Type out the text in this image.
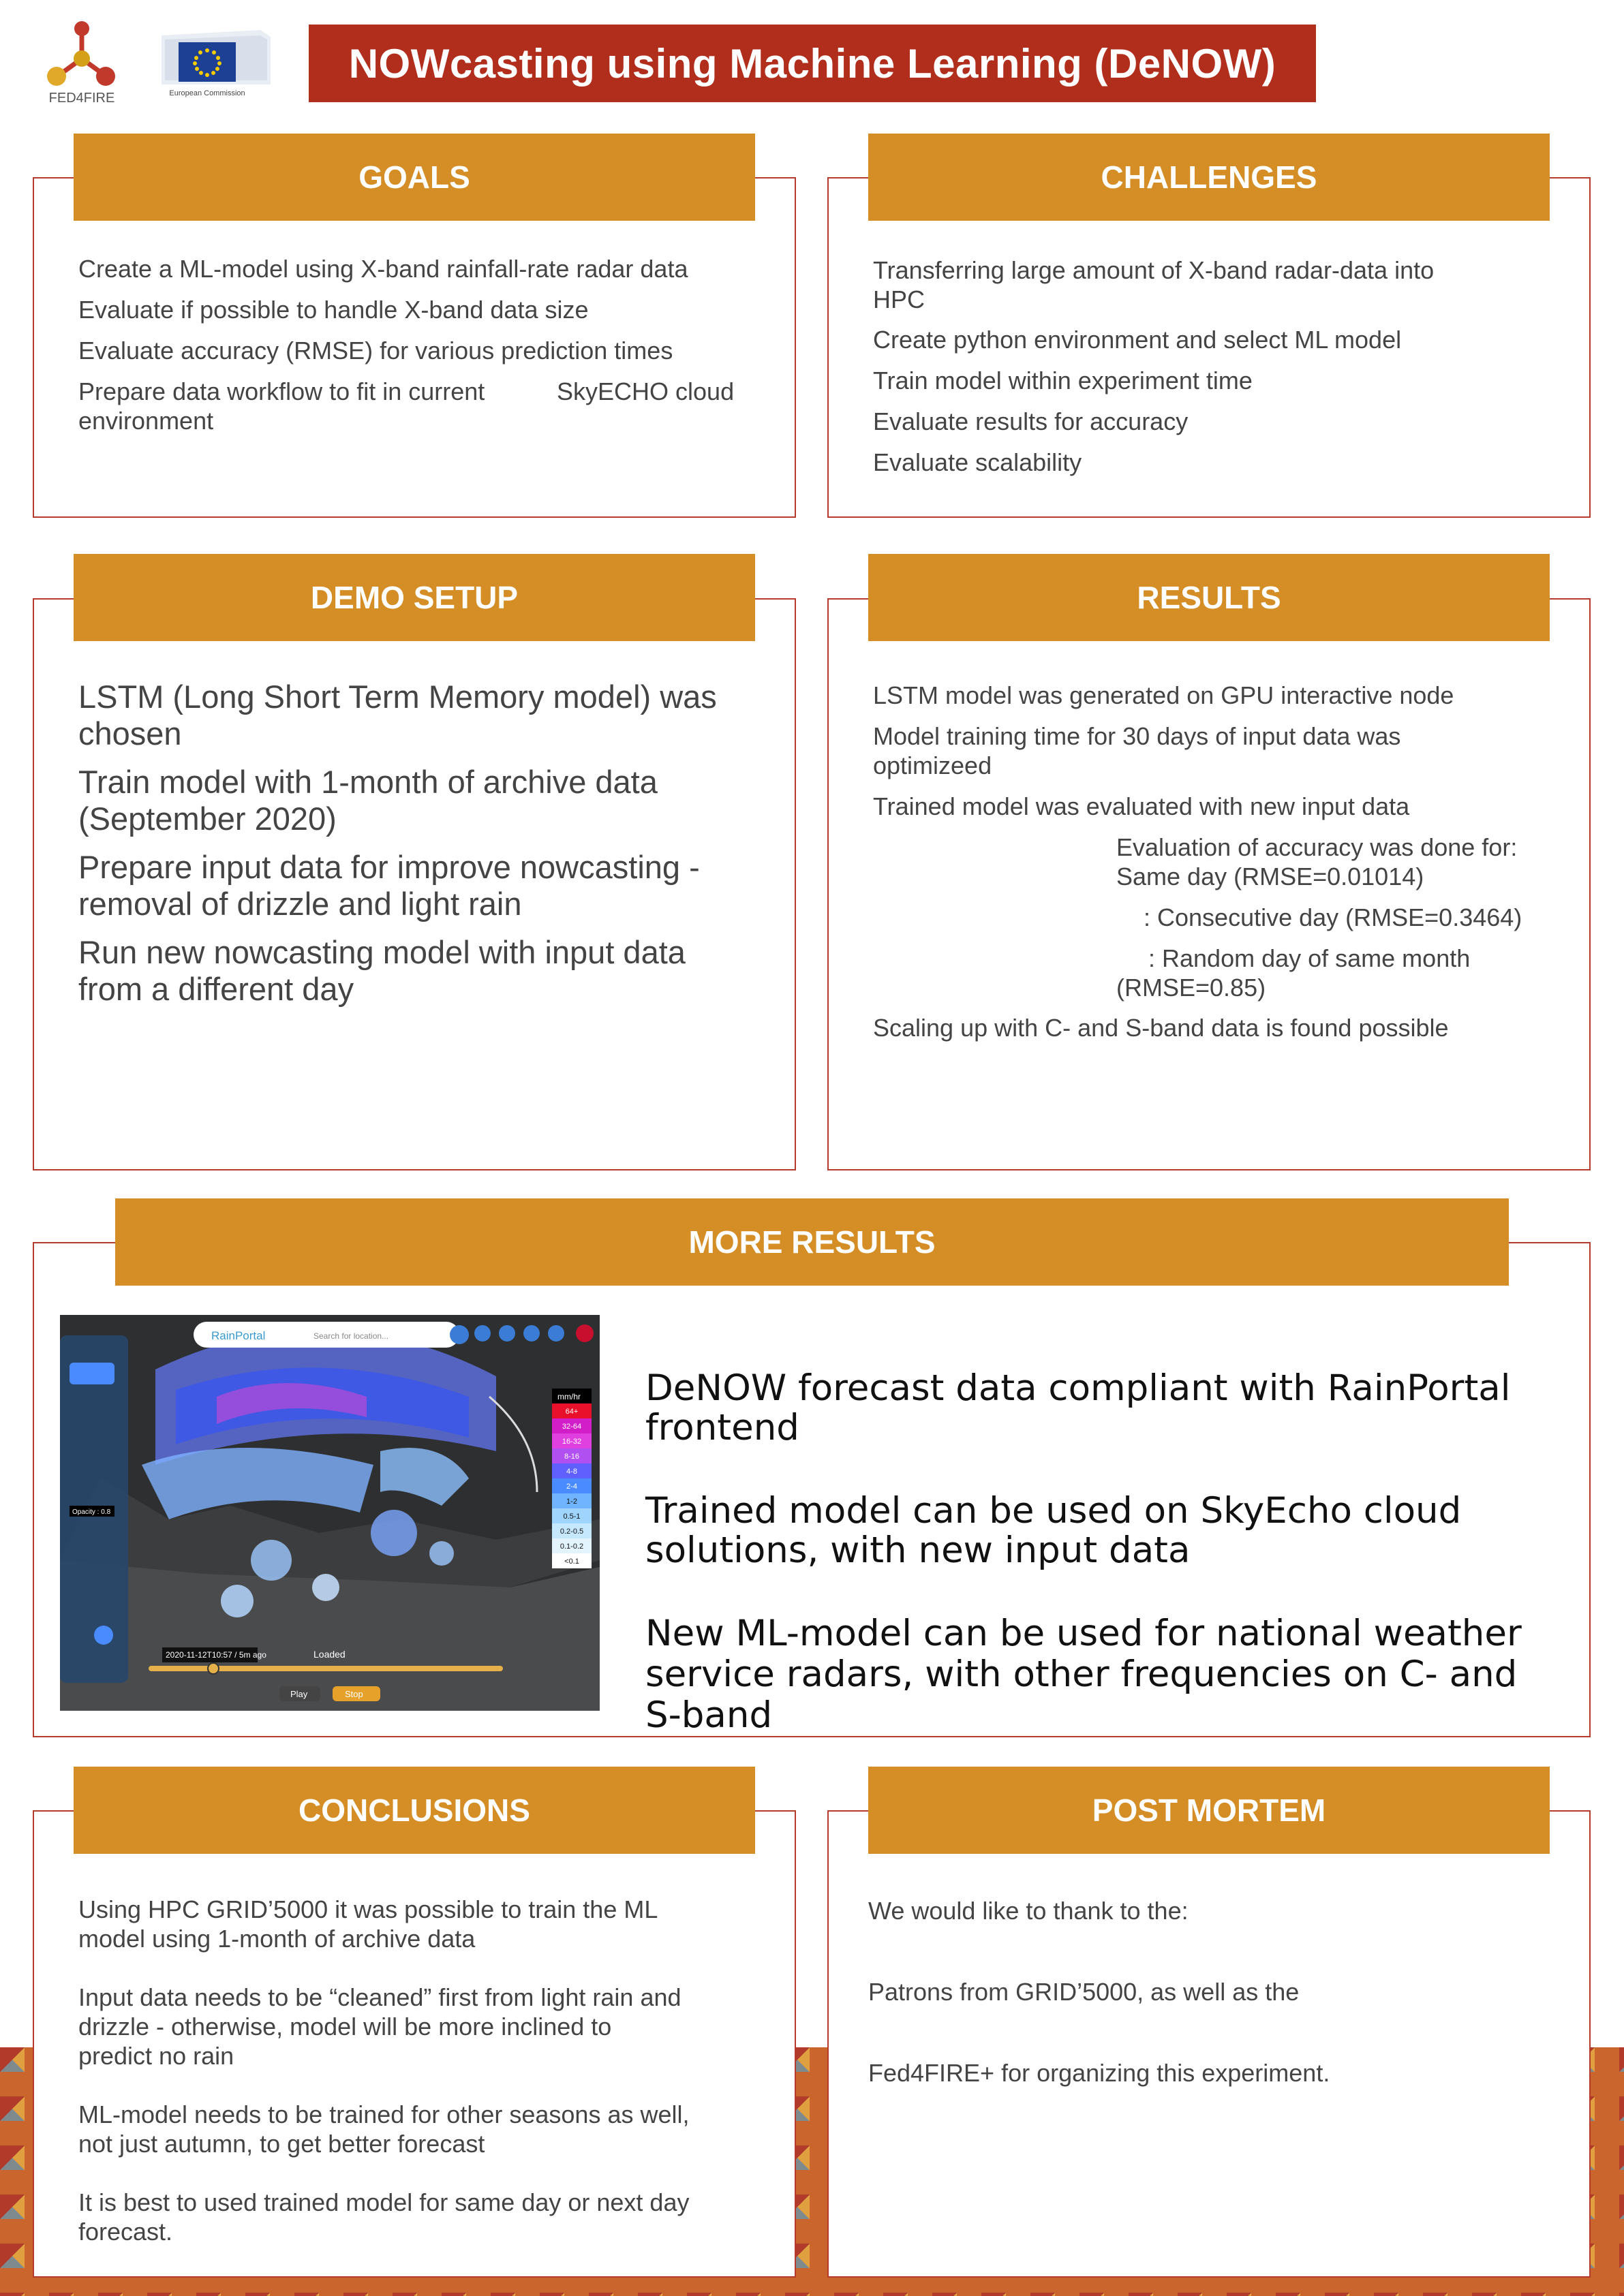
FED4FIRE	European Commission
NOWcasting using Machine Learning (DeNOW)
GOALS
Create a ML-model using X-band rainfall-rate radar data
Evaluate if possible to handle X-band data size
Evaluate accuracy (RMSE) for various prediction times
Prepare data workflow to fit in current	SkyECHO cloud
environment
CHALLENGES
Transferring large amount of X-band radar-data into
HPC
Create python environment and select ML model
Train model within experiment time
Evaluate results for accuracy
Evaluate scalability
DEMO SETUP
LSTM (Long Short Term Memory model) was
chosen
Train model with 1-month of archive data
(September 2020)
Prepare input data for improve nowcasting -
removal of drizzle and light rain
Run new nowcasting model with input data
from a different day
RESULTS
LSTM model was generated on GPU interactive node
Model training time for 30 days of input data was
optimizeed
Trained model was evaluated with new input data
Evaluation of accuracy was done for:
Same day (RMSE=0.01014)
: Consecutive day (RMSE=0.3464)
: Random day of same month
(RMSE=0.85)
Scaling up with C- and S-band data is found possible
MORE RESULTS
Opacity : 0.8
RainPortal	Search for location...
mm/hr
64+
32-64
16-32
8-16
4-8
2-4
1-2
0.5-1
0.2-0.5
0.1-0.2
<0.1
2020-11-12T10:57 / 5m ago	Loaded
Play	Stop
DeNOW forecast data compliant with RainPortal
frontend
Trained model can be used on SkyEcho cloud
solutions, with new input data
New ML-model can be used for national weather
service radars, with other frequencies on C- and
S-band
CONCLUSIONS
Using HPC GRID’5000 it was possible to train the ML
model using 1-month of archive data
Input data needs to be “cleaned” first from light rain and
drizzle - otherwise, model will be more inclined to
predict no rain
ML-model needs to be trained for other seasons as well,
not just autumn, to get better forecast
It is best to used trained model for same day or next day
forecast.
POST MORTEM
We would like to thank to the:
Patrons from GRID’5000, as well as the
Fed4FIRE+ for organizing this experiment.
